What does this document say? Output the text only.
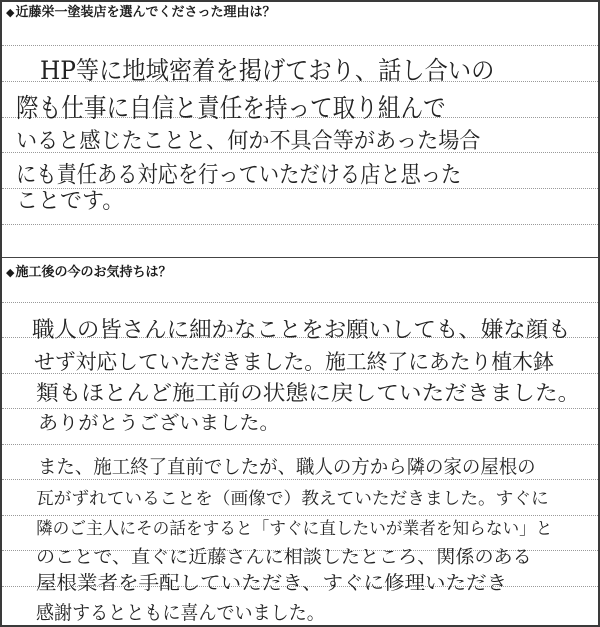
◆近藤栄一塗装店を選んでくださった理由は？
HP等に地域密着を掲げており、話し合いの
際も仕事に自信と責任を持って取り組んで
いると感じたことと、何か不具合等があった場合
にも責任ある対応を行っていただける店と思った
ことです。
◆施工後の今のお気持ちは？
職人の皆さんに細かなことをお願いしても、嫌な顔も
せず対応していただきました。施工終了にあたり植木鉢
類もほとんど施工前の状態に戻していただきました。
ありがとうございました。
また、施工終了直前でしたが、職人の方から隣の家の屋根の
瓦がずれていることを（画像で）教えていただきました。すぐに
隣のご主人にその話をすると「すぐに直したいが業者を知らない」と
のことで、直ぐに近藤さんに相談したところ、関係のある
屋根業者を手配していただき、すぐに修理いただき
感謝するとともに喜んでいました。
